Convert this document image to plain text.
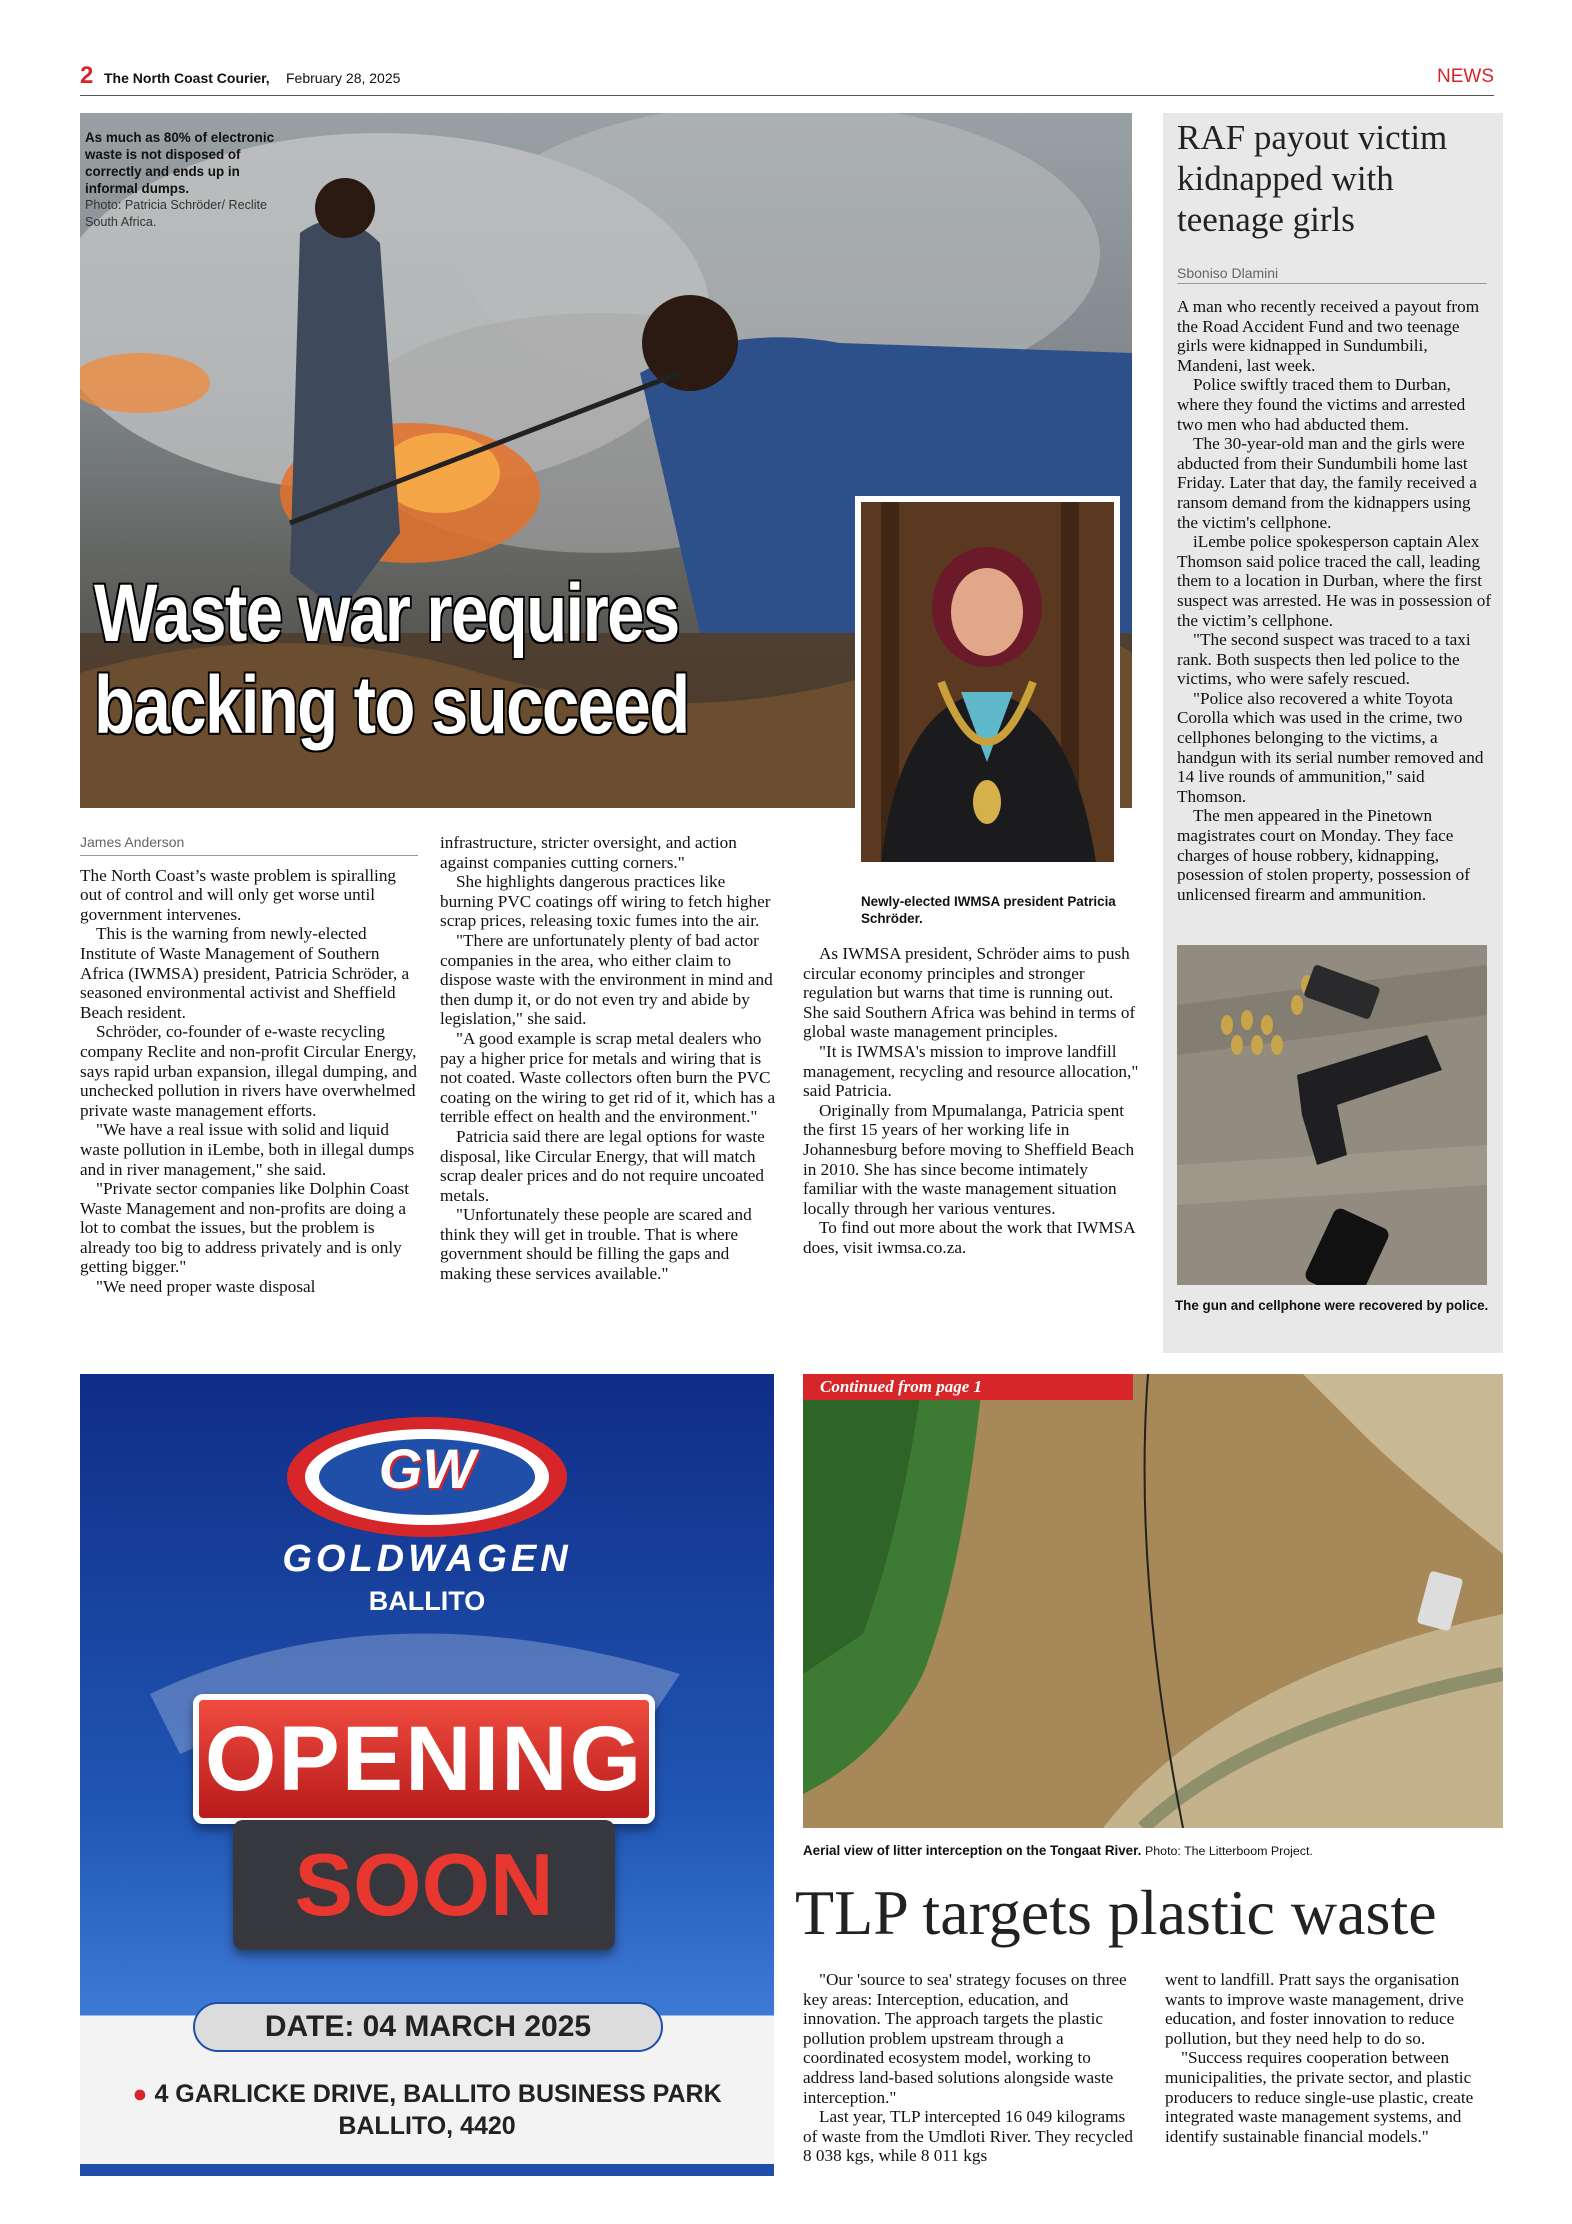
2 The North Coast Courier, February 28, 2025	NEWS
As much as 80% of electronic waste is not disposed of correctly and ends up in informal dumps.
Photo: Patricia Schröder/ Reclite South Africa.
Waste war requires
backing to succeed
Newly-elected IWMSA president Patricia Schröder.
James Anderson

The North Coast’s waste problem is spiralling out of control and will only get worse until government intervenes.

This is the warning from newly-elected Institute of Waste Management of Southern Africa (IWMSA) president, Patricia Schröder, a seasoned environmental activist and Sheffield Beach resident.

Schröder, co-founder of e-waste recycling company Reclite and non-profit Circular Energy, says rapid urban expansion, illegal dumping, and unchecked pollution in rivers have overwhelmed private waste management efforts.

"We have a real issue with solid and liquid waste pollution in iLembe, both in illegal dumps and in river management," she said.

"Private sector companies like Dolphin Coast Waste Management and non-profits are doing a lot to combat the issues, but the problem is already too big to address privately and is only getting bigger."

"We need proper waste disposal

infrastructure, stricter oversight, and action against companies cutting corners."

She highlights dangerous practices like burning PVC coatings off wiring to fetch higher scrap prices, releasing toxic fumes into the air.

"There are unfortunately plenty of bad actor companies in the area, who either claim to dispose waste with the environment in mind and then dump it, or do not even try and abide by legislation," she said.

"A good example is scrap metal dealers who pay a higher price for metals and wiring that is not coated. Waste collectors often burn the PVC coating on the wiring to get rid of it, which has a terrible effect on health and the environment."

Patricia said there are legal options for waste disposal, like Circular Energy, that will match scrap dealer prices and do not require uncoated metals.

"Unfortunately these people are scared and think they will get in trouble. That is where government should be filling the gaps and making these services available."

As IWMSA president, Schröder aims to push circular economy principles and stronger regulation but warns that time is running out. She said Southern Africa was behind in terms of global waste management principles.

"It is IWMSA's mission to improve landfill management, recycling and resource allocation," said Patricia.

Originally from Mpumalanga, Patricia spent the first 15 years of her working life in Johannesburg before moving to Sheffield Beach in 2010. She has since become intimately familiar with the waste management situation locally through her various ventures.

To find out more about the work that IWMSA does, visit iwmsa.co.za.

RAF payout victim kidnapped with teenage girls
Sboniso Dlamini

A man who recently received a payout from the Road Accident Fund and two teenage girls were kidnapped in Sundumbili, Mandeni, last week.

Police swiftly traced them to Durban, where they found the victims and arrested two men who had abducted them.

The 30-year-old man and the girls were abducted from their Sundumbili home last Friday. Later that day, the family received a ransom demand from the kidnappers using the victim's cellphone.

iLembe police spokesperson captain Alex Thomson said police traced the call, leading them to a location in Durban, where the first suspect was arrested. He was in possession of the victim’s cellphone.

"The second suspect was traced to a taxi rank. Both suspects then led police to the victims, who were safely rescued.

"Police also recovered a white Toyota Corolla which was used in the crime, two cellphones belonging to the victims, a handgun with its serial number removed and 14 live rounds of ammunition," said Thomson.

The men appeared in the Pinetown magistrates court on Monday. They face charges of house robbery, kidnapping, posession of stolen property, possession of unlicensed firearm and ammunition.

The gun and cellphone were recovered by police.
GW
GOLDWAGEN
BALLITO
OPENING
SOON
DATE: 04 MARCH 2025
● 4 GARLICKE DRIVE, BALLITO BUSINESS PARK
BALLITO, 4420
Continued from page 1
Aerial view of litter interception on the Tongaat River. Photo: The Litterboom Project.
TLP targets plastic waste

"Our 'source to sea' strategy focuses on three key areas: Interception, education, and innovation. The approach targets the plastic pollution problem upstream through a coordinated ecosystem model, working to address land-based solutions alongside waste interception."

Last year, TLP intercepted 16 049 kilograms of waste from the Umdloti River. They recycled 8 038 kgs, while 8 011 kgs

went to landfill. Pratt says the organisation wants to improve waste management, drive education, and foster innovation to reduce pollution, but they need help to do so.

"Success requires cooperation between municipalities, the private sector, and plastic producers to reduce single-use plastic, create integrated waste management systems, and identify sustainable financial models."
